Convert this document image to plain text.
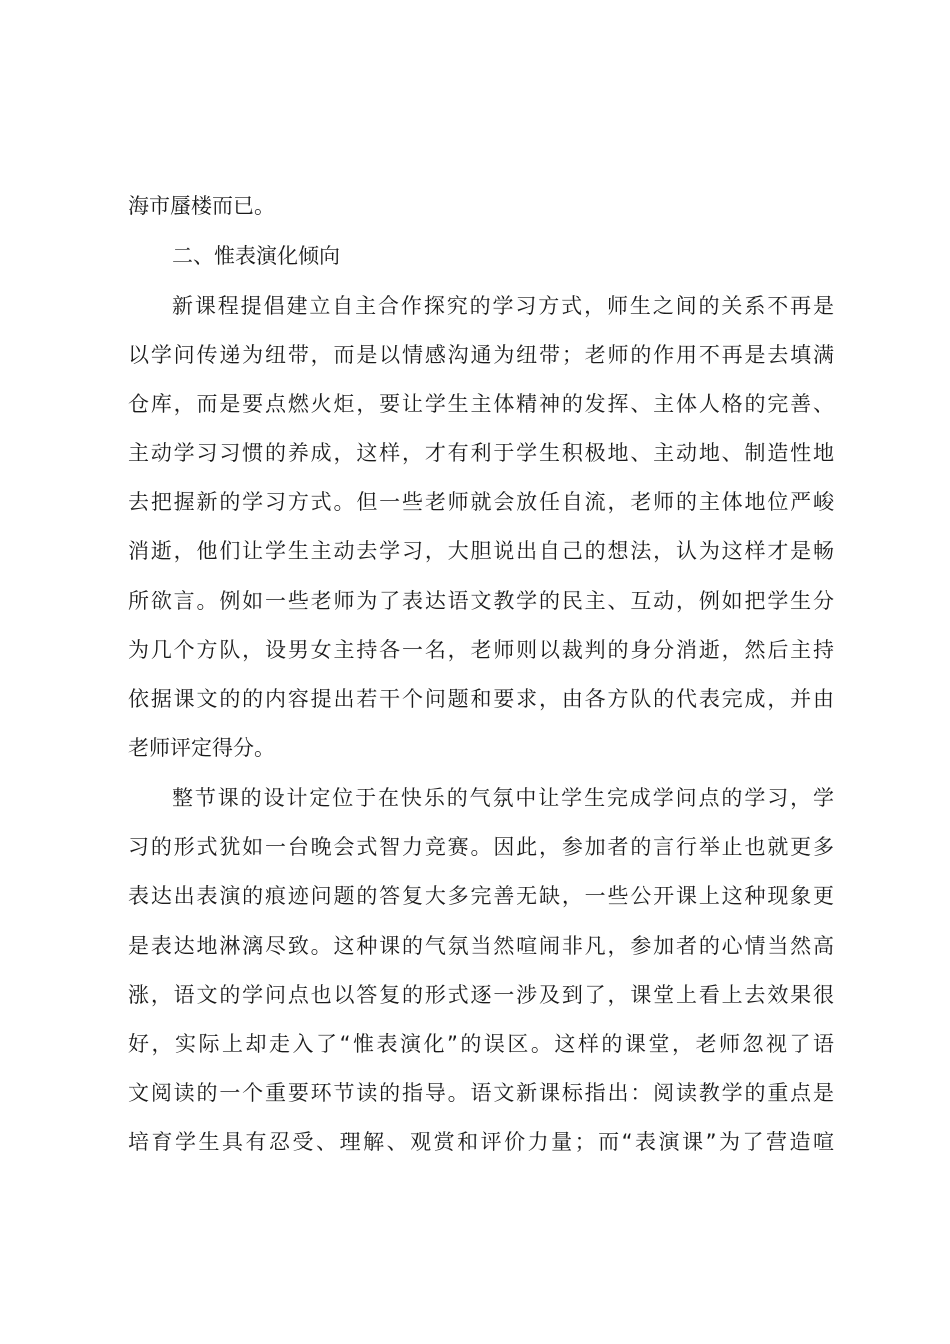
海市蜃楼而已。
二、惟表演化倾向
新课程提倡建立自主合作探究的学习方式，师生之间的关系不再是
以学问传递为纽带，而是以情感沟通为纽带；老师的作用不再是去填满
仓库，而是要点燃火炬，要让学生主体精神的发挥、主体人格的完善、
主动学习习惯的养成，这样，才有利于学生积极地、主动地、制造性地
去把握新的学习方式。但一些老师就会放任自流，老师的主体地位严峻
消逝，他们让学生主动去学习，大胆说出自己的想法，认为这样才是畅
所欲言。例如一些老师为了表达语文教学的民主、互动，例如把学生分
为几个方队，设男女主持各一名，老师则以裁判的身分消逝，然后主持
依据课文的的内容提出若干个问题和要求，由各方队的代表完成，并由
老师评定得分。
整节课的设计定位于在快乐的气氛中让学生完成学问点的学习，学
习的形式犹如一台晚会式智力竞赛。因此，参加者的言行举止也就更多
表达出表演的痕迹问题的答复大多完善无缺，一些公开课上这种现象更
是表达地淋漓尽致。这种课的气氛当然喧闹非凡，参加者的心情当然高
涨，语文的学问点也以答复的形式逐一涉及到了，课堂上看上去效果很
好，实际上却走入了“惟表演化”的误区。这样的课堂，老师忽视了语
文阅读的一个重要环节读的指导。语文新课标指出：阅读教学的重点是
培育学生具有忍受、理解、观赏和评价力量；而“表演课”为了营造喧
